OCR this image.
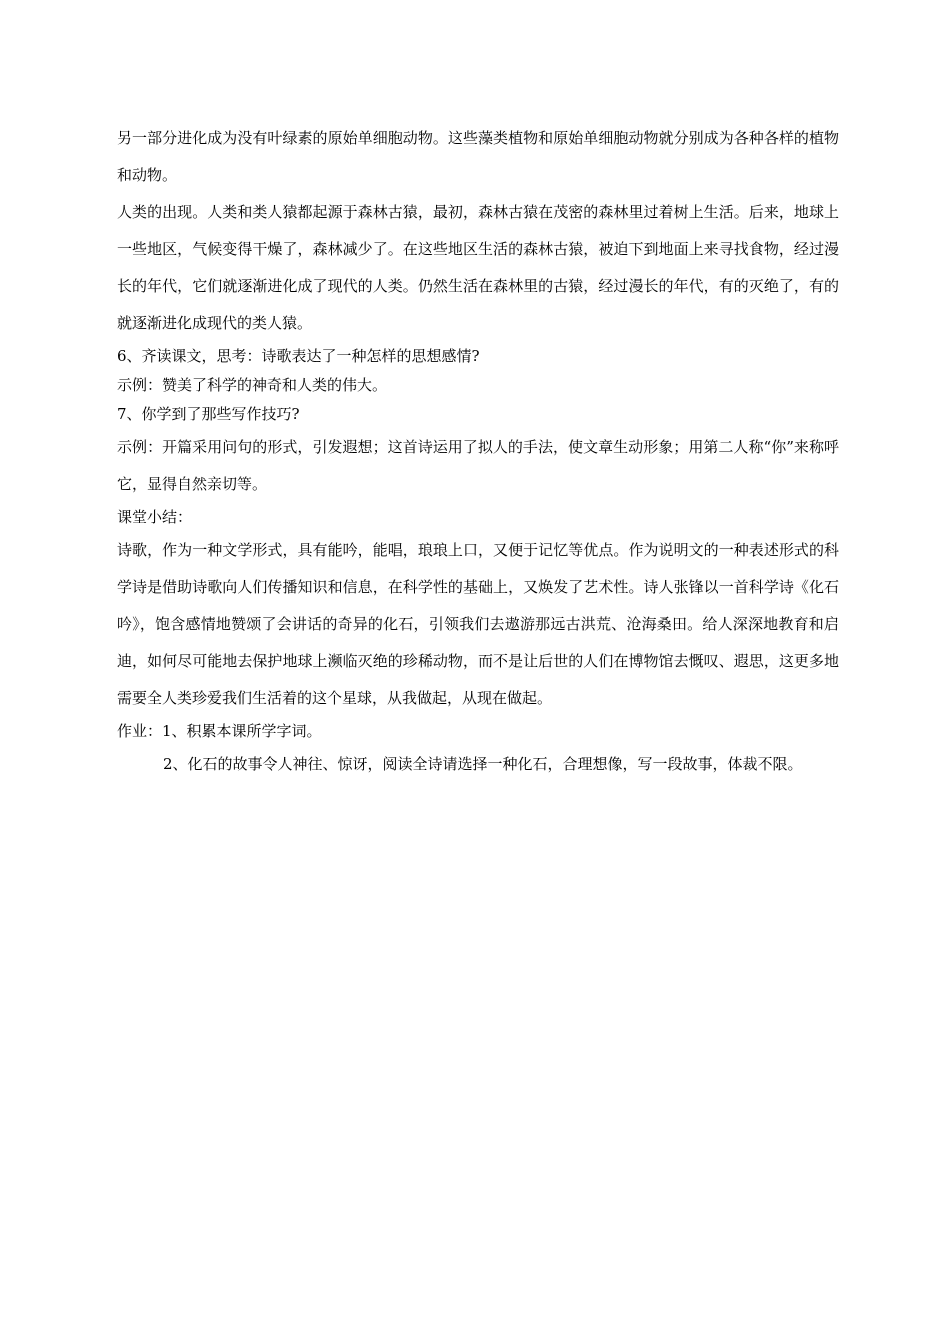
另一部分进化成为没有叶绿素的原始单细胞动物。这些藻类植物和原始单细胞动物就分别成为各种各样的植物和动物。

人类的出现。人类和类人猿都起源于森林古猿，最初，森林古猿在茂密的森林里过着树上生活。后来，地球上一些地区，气候变得干燥了，森林减少了。在这些地区生活的森林古猿，被迫下到地面上来寻找食物，经过漫长的年代，它们就逐渐进化成了现代的人类。仍然生活在森林里的古猿，经过漫长的年代，有的灭绝了，有的就逐渐进化成现代的类人猿。

6、齐读课文，思考：诗歌表达了一种怎样的思想感情?

示例：赞美了科学的神奇和人类的伟大。

7、你学到了那些写作技巧?

示例：开篇采用问句的形式，引发遐想；这首诗运用了拟人的手法，使文章生动形象；用第二人称“你”来称呼它，显得自然亲切等。

课堂小结：

诗歌，作为一种文学形式，具有能吟，能唱，琅琅上口，又便于记忆等优点。作为说明文的一种表述形式的科学诗是借助诗歌向人们传播知识和信息，在科学性的基础上，又焕发了艺术性。诗人张锋以一首科学诗《化石吟》，饱含感情地赞颂了会讲话的奇异的化石，引领我们去遨游那远古洪荒、沧海桑田。给人深深地教育和启迪，如何尽可能地去保护地球上濒临灭绝的珍稀动物，而不是让后世的人们在博物馆去慨叹、遐思，这更多地需要全人类珍爱我们生活着的这个星球，从我做起，从现在做起。

作业：1、积累本课所学字词。

2、化石的故事令人神往、惊讶，阅读全诗请选择一种化石，合理想像，写一段故事，体裁不限。
